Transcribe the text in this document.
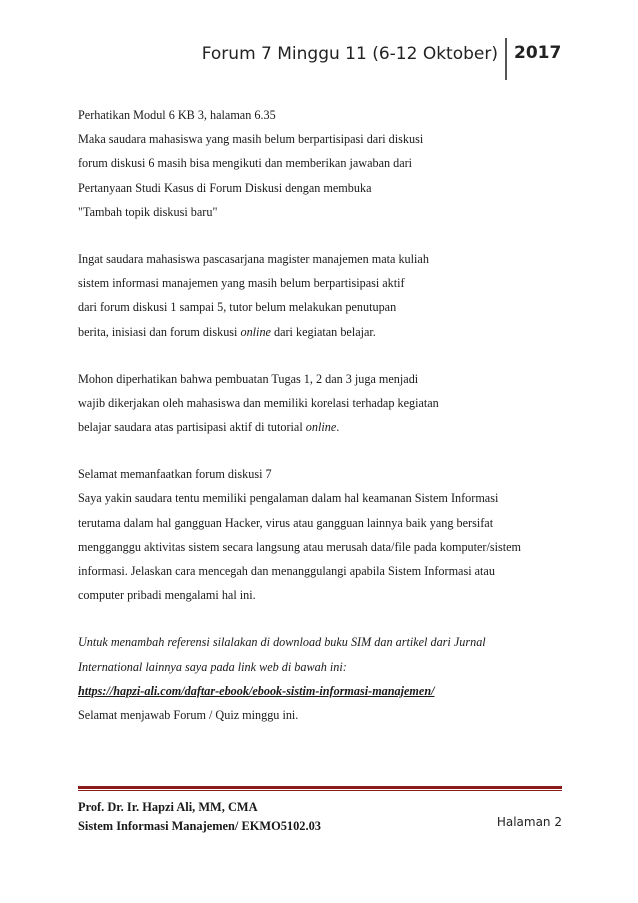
Forum 7 Minggu 11 (6-12 Oktober) 2017
Perhatikan Modul 6 KB 3, halaman 6.35
Maka saudara mahasiswa yang masih belum berpartisipasi dari diskusi
forum diskusi 6 masih bisa mengikuti dan memberikan jawaban dari
Pertanyaan Studi Kasus di Forum Diskusi dengan membuka
"Tambah topik diskusi baru"
Ingat saudara mahasiswa pascasarjana magister manajemen mata kuliah
sistem informasi manajemen yang masih belum berpartisipasi aktif
dari forum diskusi 1 sampai 5, tutor belum melakukan penutupan
berita, inisiasi dan forum diskusi online dari kegiatan belajar.
Mohon diperhatikan bahwa pembuatan Tugas 1, 2 dan 3 juga menjadi
wajib dikerjakan oleh mahasiswa dan memiliki korelasi terhadap kegiatan
belajar saudara atas partisipasi aktif di tutorial online.
Selamat memanfaatkan forum diskusi 7
Saya yakin saudara tentu memiliki pengalaman dalam hal keamanan Sistem Informasi
terutama dalam hal gangguan Hacker, virus atau gangguan lainnya baik yang bersifat
mengganggu aktivitas sistem secara langsung atau merusah data/file pada komputer/sistem
informasi. Jelaskan cara mencegah dan menanggulangi apabila Sistem Informasi atau
computer pribadi mengalami hal ini.
Untuk menambah referensi silalakan di download buku SIM dan artikel dari Jurnal
International lainnya saya pada link web di bawah ini:
https://hapzi-ali.com/daftar-ebook/ebook-sistim-informasi-manajemen/
Selamat menjawab Forum / Quiz minggu ini.
Prof. Dr. Ir. Hapzi Ali, MM, CMA
Sistem Informasi Manajemen/ EKMO5102.03	Halaman 2
